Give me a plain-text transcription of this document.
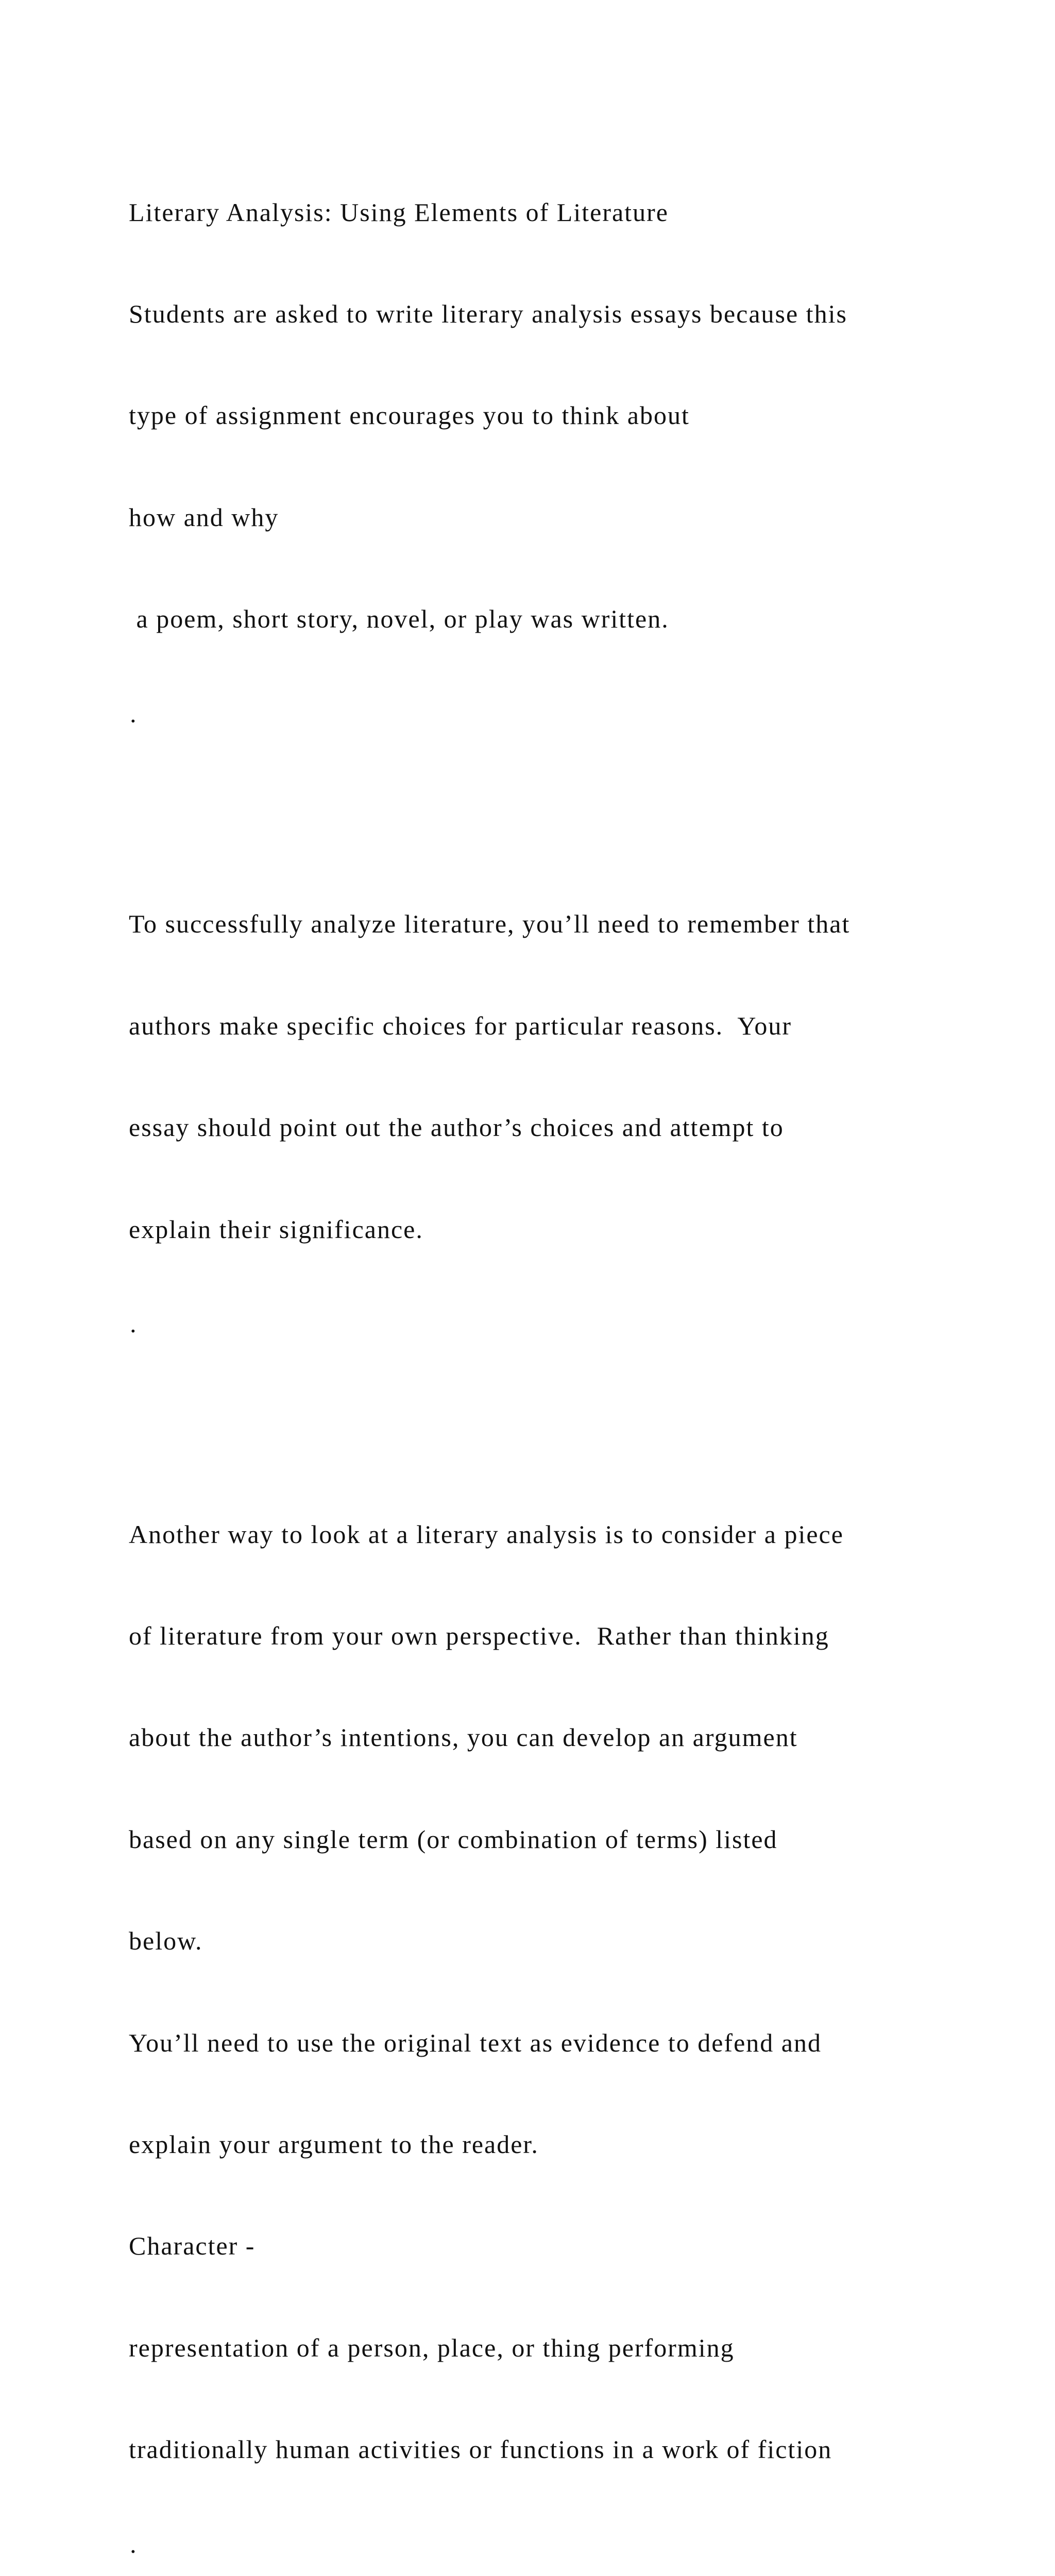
Literary Analysis: Using Elements of Literature

Students are asked to write literary analysis essays because this

type of assignment encourages you to think about

how and why

a poem, short story, novel, or play was written.

·

To successfully analyze literature, you’ll need to remember that

authors make specific choices for particular reasons.  Your

essay should point out the author’s choices and attempt to

explain their significance.

·

Another way to look at a literary analysis is to consider a piece

of literature from your own perspective.  Rather than thinking

about the author’s intentions, you can develop an argument

based on any single term (or combination of terms) listed

below.

You’ll need to use the original text as evidence to defend and

explain your argument to the reader.

Character -

representation of a person, place, or thing performing

traditionally human activities or functions in a work of fiction

·
